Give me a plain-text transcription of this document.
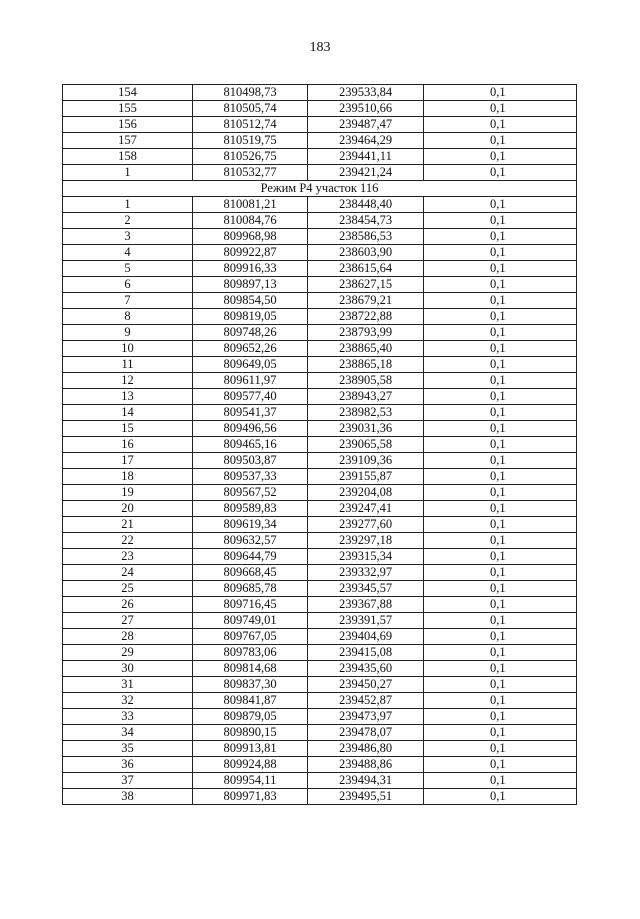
183
154	810498,73	239533,84	0,1
155	810505,74	239510,66	0,1
156	810512,74	239487,47	0,1
157	810519,75	239464,29	0,1
158	810526,75	239441,11	0,1
1	810532,77	239421,24	0,1
Режим Р4 участок 116			
1	810081,21	238448,40	0,1
2	810084,76	238454,73	0,1
3	809968,98	238586,53	0,1
4	809922,87	238603,90	0,1
5	809916,33	238615,64	0,1
6	809897,13	238627,15	0,1
7	809854,50	238679,21	0,1
8	809819,05	238722,88	0,1
9	809748,26	238793,99	0,1
10	809652,26	238865,40	0,1
11	809649,05	238865,18	0,1
12	809611,97	238905,58	0,1
13	809577,40	238943,27	0,1
14	809541,37	238982,53	0,1
15	809496,56	239031,36	0,1
16	809465,16	239065,58	0,1
17	809503,87	239109,36	0,1
18	809537,33	239155,87	0,1
19	809567,52	239204,08	0,1
20	809589,83	239247,41	0,1
21	809619,34	239277,60	0,1
22	809632,57	239297,18	0,1
23	809644,79	239315,34	0,1
24	809668,45	239332,97	0,1
25	809685,78	239345,57	0,1
26	809716,45	239367,88	0,1
27	809749,01	239391,57	0,1
28	809767,05	239404,69	0,1
29	809783,06	239415,08	0,1
30	809814,68	239435,60	0,1
31	809837,30	239450,27	0,1
32	809841,87	239452,87	0,1
33	809879,05	239473,97	0,1
34	809890,15	239478,07	0,1
35	809913,81	239486,80	0,1
36	809924,88	239488,86	0,1
37	809954,11	239494,31	0,1
38	809971,83	239495,51	0,1
